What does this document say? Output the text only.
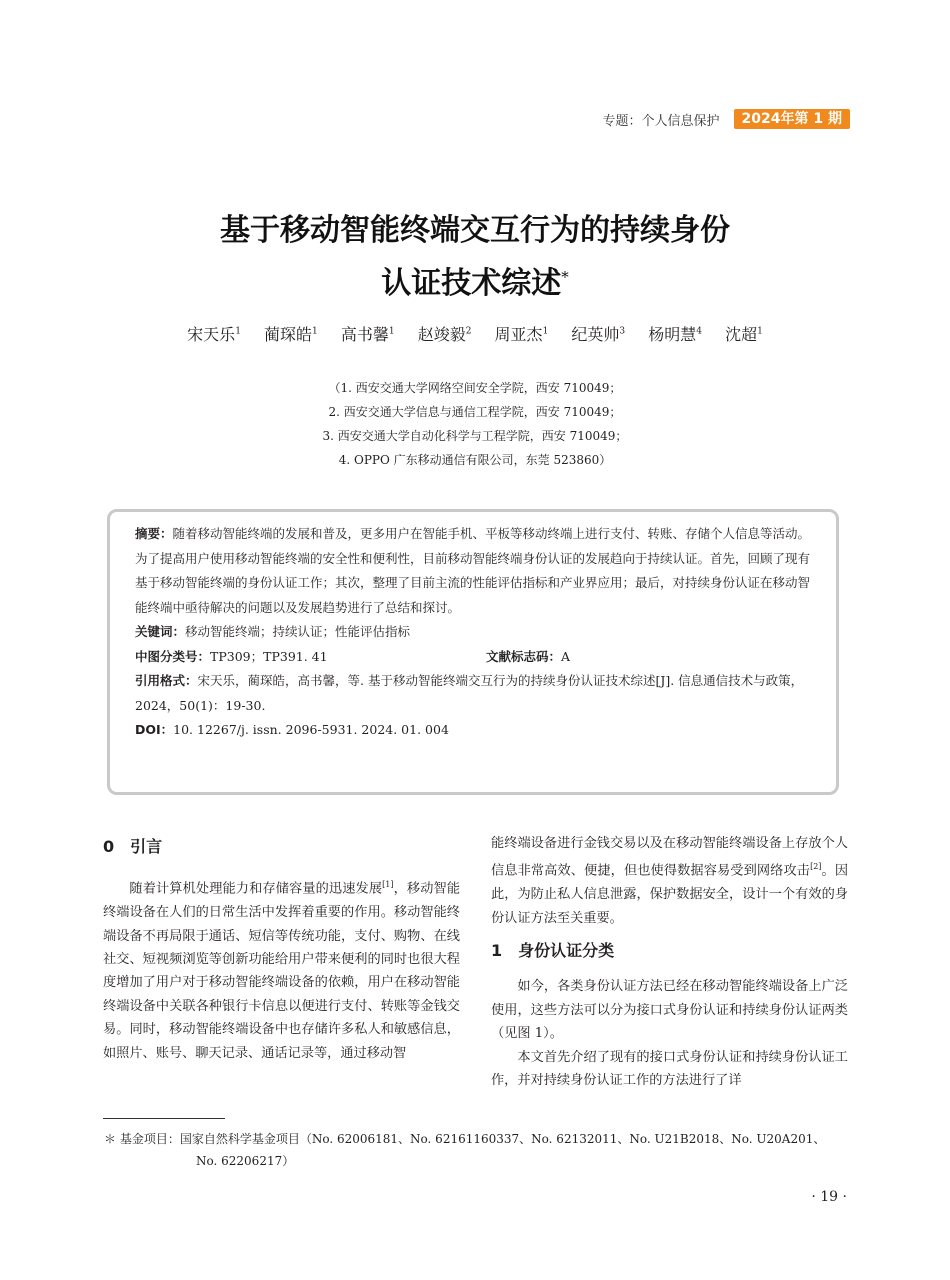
专题：个人信息保护	2024年第 1 期
基于移动智能终端交互行为的持续身份
认证技术综述*
宋天乐$^1$ 蔺琛皓$^1$ 高书馨$^1$ 赵竣毅$^2$ 周亚杰$^1$ 纪英帅$^3$ 杨明慧$^4$ 沈超$^1$
（1. 西安交通大学网络空间安全学院，西安 710049；
2. 西安交通大学信息与通信工程学院，西安 710049；
3. 西安交通大学自动化科学与工程学院，西安 710049；
4. OPPO 广东移动通信有限公司，东莞 523860）
摘要：随着移动智能终端的发展和普及，更多用户在智能手机、平板等移动终端上进行支付、转账、存储个人信息等活动。为了提高用户使用移动智能终端的安全性和便利性，目前移动智能终端身份认证的发展趋向于持续认证。首先，回顾了现有基于移动智能终端的身份认证工作；其次，整理了目前主流的性能评估指标和产业界应用；最后，对持续身份认证在移动智能终端中亟待解决的问题以及发展趋势进行了总结和探讨。
关键词：移动智能终端；持续认证；性能评估指标
中图分类号：TP309；TP391. 41	文献标志码：A
引用格式：宋天乐，蔺琛皓，高书馨，等. 基于移动智能终端交互行为的持续身份认证技术综述[J]. 信息通信技术与政策，2024，50(1)：19-30.
DOI：10. 12267/j. issn. 2096-5931. 2024. 01. 004
0　引言

随着计算机处理能力和存储容量的迅速发展[1]，移动智能终端设备在人们的日常生活中发挥着重要的作用。移动智能终端设备不再局限于通话、短信等传统功能，支付、购物、在线社交、短视频浏览等创新功能给用户带来便利的同时也很大程度增加了用户对于移动智能终端设备的依赖，用户在移动智能终端设备中关联各种银行卡信息以便进行支付、转账等金钱交易。同时，移动智能终端设备中也存储许多私人和敏感信息，如照片、账号、聊天记录、通话记录等，通过移动智

能终端设备进行金钱交易以及在移动智能终端设备上存放个人信息非常高效、便捷，但也使得数据容易受到网络攻击[2]。因此，为防止私人信息泄露，保护数据安全，设计一个有效的身份认证方法至关重要。
1　身份认证分类

如今，各类身份认证方法已经在移动智能终端设备上广泛使用，这些方法可以分为接口式身份认证和持续身份认证两类（见图 1）。

本文首先介绍了现有的接口式身份认证和持续身份认证工作，并对持续身份认证工作的方法进行了详

＊ 基金项目：国家自然科学基金项目（No. 62006181、No. 62161160337、No. 62132011、No. U21B2018、No. U20A201、
No. 62206217）
· 19 ·
